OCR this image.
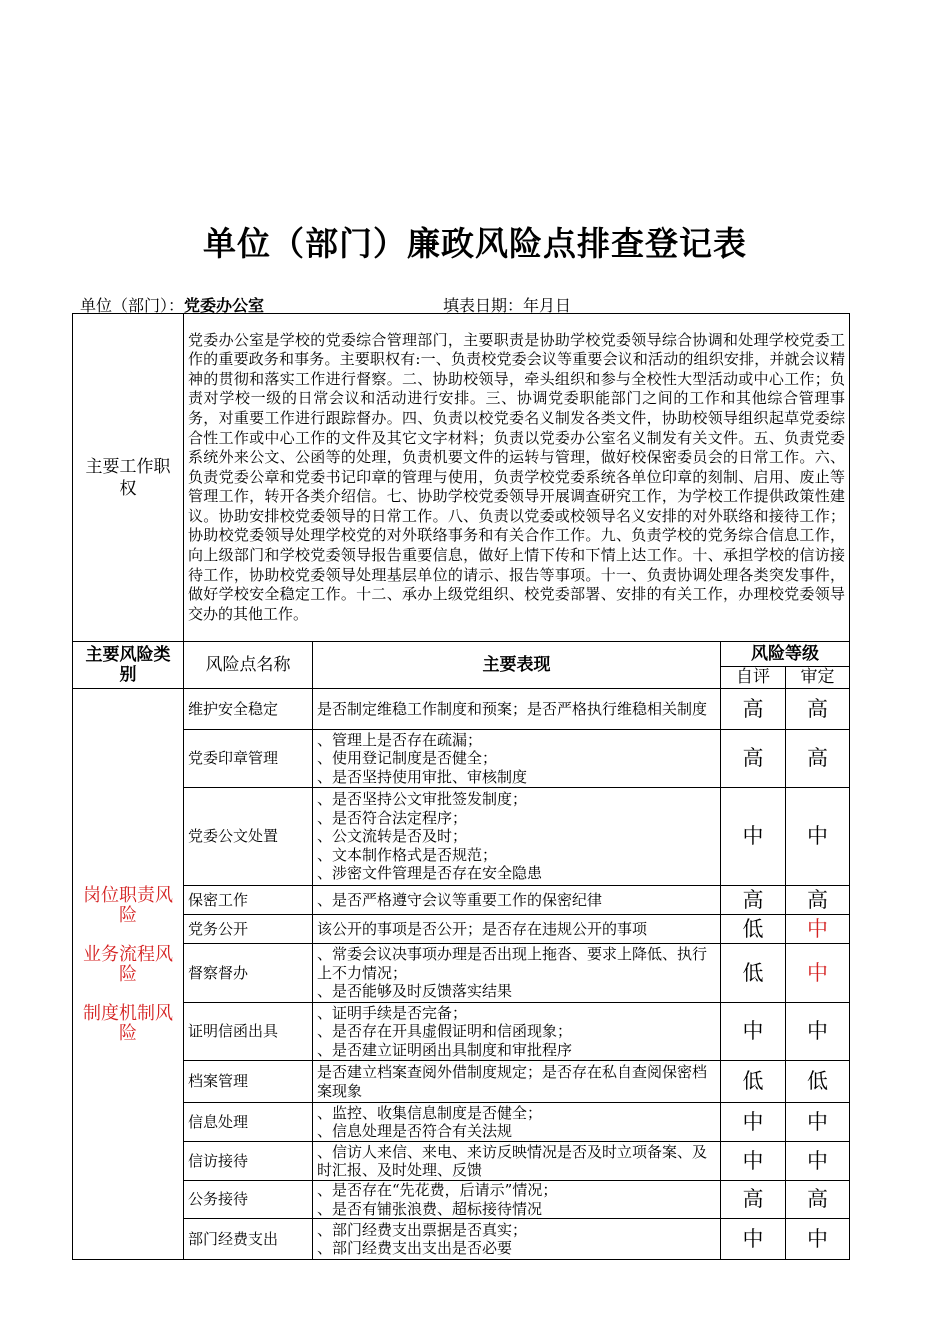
单位（部门）廉政风险点排查登记表
单位（部门）：党委办公室	填表日期：年月日
主要工作职 权	党委办公室是学校的党委综合管理部门，主要职责是协助学校党委领导综合协调和处理学校党委工作的重要政务和事务。主要职权有:一、负责校党委会议等重要会议和活动的组织安排，并就会议精神的贯彻和落实工作进行督察。二、协助校领导，牵头组织和参与全校性大型活动或中心工作；负责对学校一级的日常会议和活动进行安排。三、协调党委职能部门之间的工作和其他综合管理事务，对重要工作进行跟踪督办。四、负责以校党委名义制发各类文件，协助校领导组织起草党委综合性工作或中心工作的文件及其它文字材料；负责以党委办公室名义制发有关文件。五、负责党委系统外来公文、公函等的处理，负责机要文件的运转与管理，做好校保密委员会的日常工作。六、负责党委公章和党委书记印章的管理与使用，负责学校党委系统各单位印章的刻制、启用、废止等管理工作，转开各类介绍信。七、协助学校党委领导开展调查研究工作，为学校工作提供政策性建议。协助安排校党委领导的日常工作。八、负责以党委或校领导名义安排的对外联络和接待工作；协助校党委领导处理学校党的对外联络事务和有关合作工作。九、负责学校的党务综合信息工作，向上级部门和学校党委领导报告重要信息，做好上情下传和下情上达工作。十、承担学校的信访接待工作，协助校党委领导处理基层单位的请示、报告等事项。十一、负责协调处理各类突发事件，做好学校安全稳定工作。十二、承办上级党组织、校党委部署、安排的有关工作，办理校党委领导交办的其他工作。			
主要风险类 别	风险点名称	主要表现	风险等级	
			自评	审定

岗位职责风　险
业务流程风　险
制度机制风　险	维护安全稳定	是否制定维稳工作制度和预案；是否严格执行维稳相关制度	高	高
	党委印章管理	、管理上是否存在疏漏；
、使用登记制度是否健全；
、是否坚持使用审批、审核制度	高	高
	党委公文处置	、是否坚持公文审批签发制度；
、是否符合法定程序；
、公文流转是否及时；
、文本制作格式是否规范；
、涉密文件管理是否存在安全隐患	中	中
	保密工作	、是否严格遵守会议等重要工作的保密纪律	高	高
	党务公开	该公开的事项是否公开；是否存在违规公开的事项	低	中
	督察督办	、常委会议决事项办理是否出现上拖沓、要求上降低、执行上不力情况；
、是否能够及时反馈落实结果	低	中
	证明信函出具	、证明手续是否完备；
、是否存在开具虚假证明和信函现象；
、是否建立证明函出具制度和审批程序	中	中
	档案管理	是否建立档案查阅外借制度规定；是否存在私自查阅保密档案现象	低	低
	信息处理	、监控、收集信息制度是否健全；
、信息处理是否符合有关法规	中	中
	信访接待	、信访人来信、来电、来访反映情况是否及时立项备案、及时汇报、及时处理、反馈	中	中
	公务接待	、是否存在“先花费，后请示”情况；
、是否有铺张浪费、超标接待情况	高	高
	部门经费支出	、部门经费支出票据是否真实；
、部门经费支出支出是否必要	中	中
